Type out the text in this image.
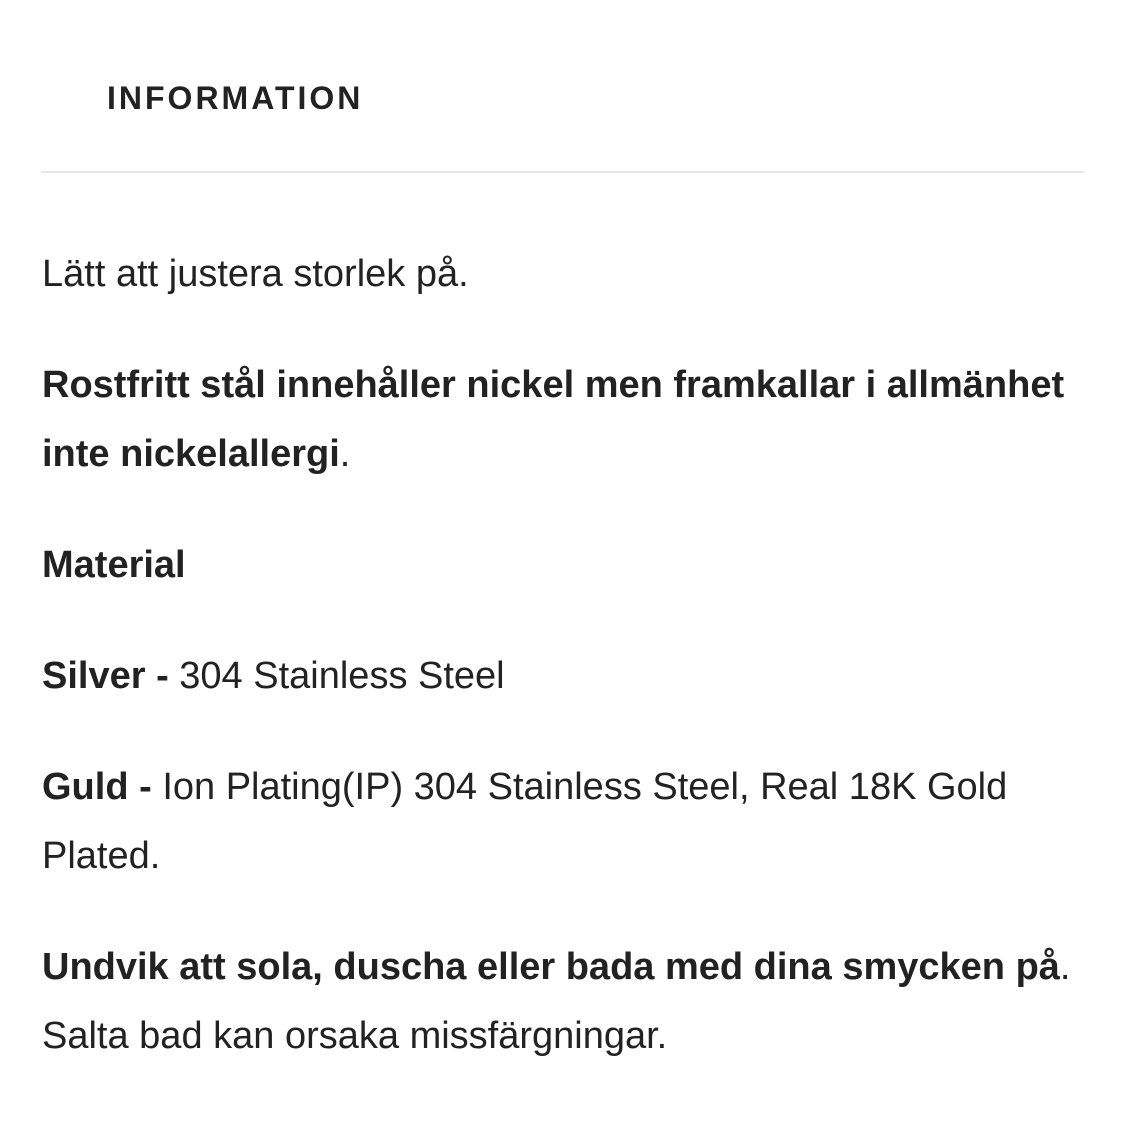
INFORMATION

Lätt att justera storlek på.

Rostfritt stål innehåller nickel men framkallar i allmänhet inte nickelallergi.

Material

Silver - 304 Stainless Steel

Guld - Ion Plating(IP) 304 Stainless Steel, Real 18K Gold Plated.

Undvik att sola, duscha eller bada med dina smycken på. Salta bad kan orsaka missfärgningar.
